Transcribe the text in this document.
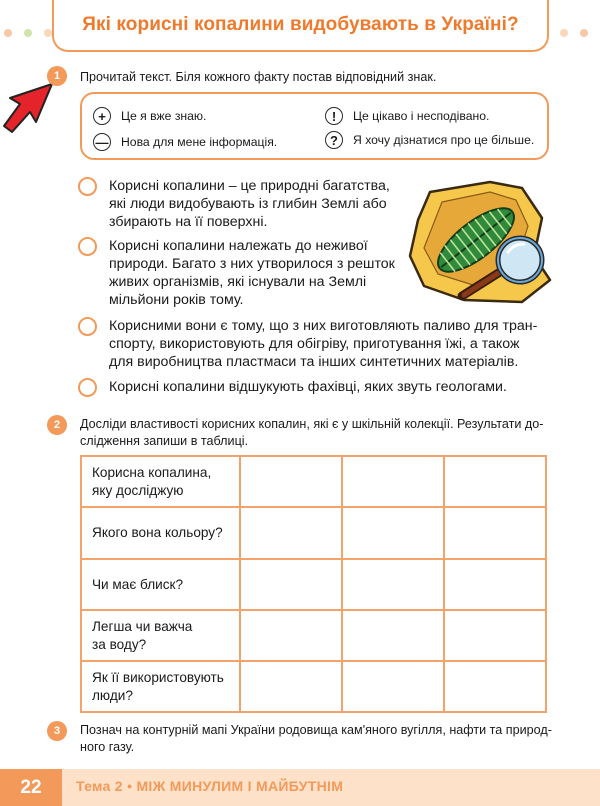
Які корисні копалини видобувають в Україні?
1	Прочитай текст. Біля кожного факту постав відповідний знак.
+	Це я вже знаю.
— Нова для мене інформація.
!	Це цікаво і несподівано.
?	Я хочу дізнатися про це більше.
Корисні копалини – це природні багатства,
які люди видобувають із глибин Землі або
збирають на її поверхні.
Корисні копалини належать до неживої
природи. Багато з них утворилося з решток
живих організмів, які існували на Землі
мільйони років тому.
Корисними вони є тому, що з них виготовляють паливо для тран-
спорту, використовують для обігріву, приготування їжі, а також
для виробництва пластмаси та інших синтетичних матеріалів.
Корисні копалини відшукують фахівці, яких звуть геологами.
2	Досліди властивості корисних копалин, які є у шкільній колекції. Результати до-
слідження запиши в таблиці.
Корисна копалина,
яку досліджую			

Якого вона кольору?			

Чи має блиск?			

Легша чи важча
за воду?			

Як її використовують
люди?			

3	Познач на контурній мапі України родовища кам'яного вугілля, нафти та природ-
ного газу.
22	Тема 2 • МІЖ МИНУЛИМ І МАЙБУТНІМ
